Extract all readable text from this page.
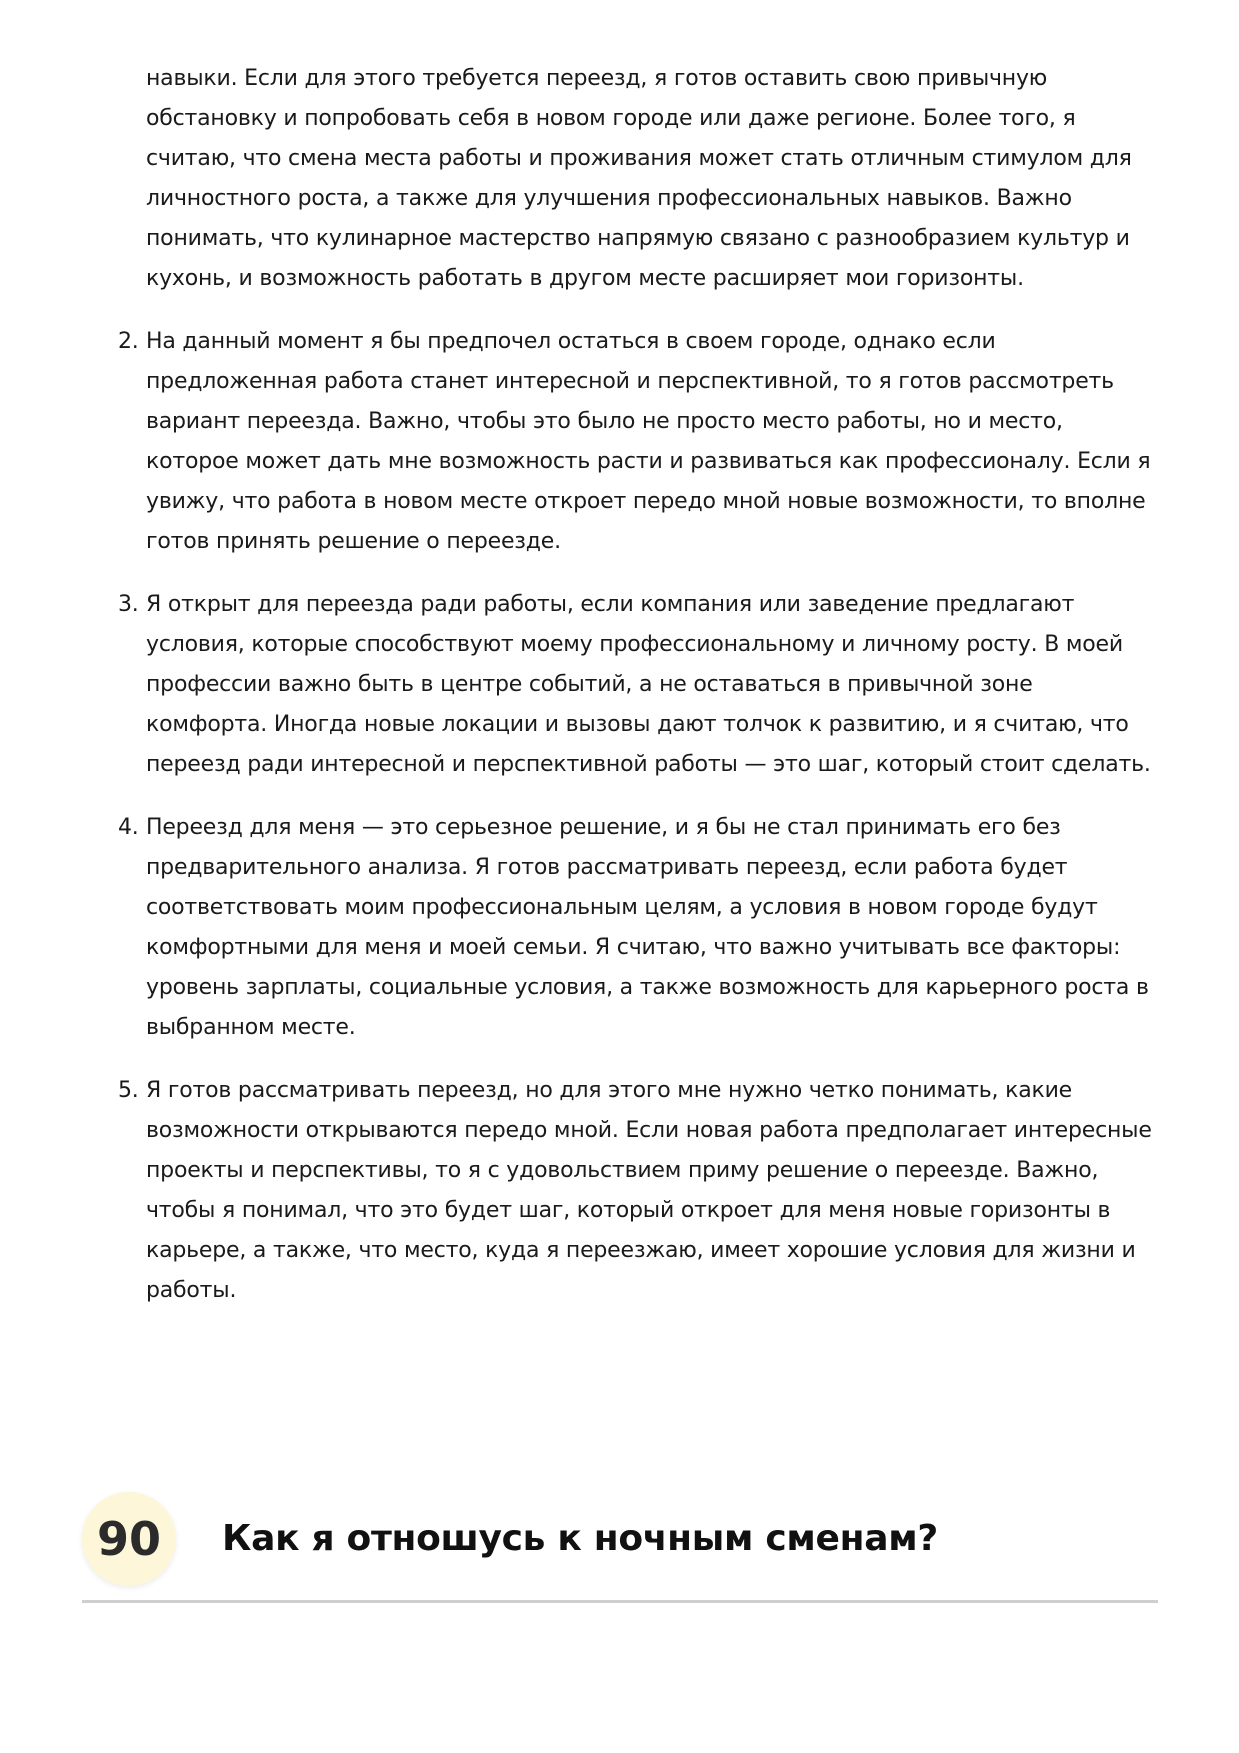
навыки. Если для этого требуется переезд, я готов оставить свою привычную
обстановку и попробовать себя в новом городе или даже регионе. Более того, я
считаю, что смена места работы и проживания может стать отличным стимулом для
личностного роста, а также для улучшения профессиональных навыков. Важно
понимать, что кулинарное мастерство напрямую связано с разнообразием культур и
кухонь, и возможность работать в другом месте расширяет мои горизонты.
2. На данный момент я бы предпочел остаться в своем городе, однако если
предложенная работа станет интересной и перспективной, то я готов рассмотреть
вариант переезда. Важно, чтобы это было не просто место работы, но и место,
которое может дать мне возможность расти и развиваться как профессионалу. Если я
увижу, что работа в новом месте откроет передо мной новые возможности, то вполне
готов принять решение о переезде.
3. Я открыт для переезда ради работы, если компания или заведение предлагают
условия, которые способствуют моему профессиональному и личному росту. В моей
профессии важно быть в центре событий, а не оставаться в привычной зоне
комфорта. Иногда новые локации и вызовы дают толчок к развитию, и я считаю, что
переезд ради интересной и перспективной работы — это шаг, который стоит сделать.
4. Переезд для меня — это серьезное решение, и я бы не стал принимать его без
предварительного анализа. Я готов рассматривать переезд, если работа будет
соответствовать моим профессиональным целям, а условия в новом городе будут
комфортными для меня и моей семьи. Я считаю, что важно учитывать все факторы:
уровень зарплаты, социальные условия, а также возможность для карьерного роста в
выбранном месте.
5. Я готов рассматривать переезд, но для этого мне нужно четко понимать, какие
возможности открываются передо мной. Если новая работа предполагает интересные
проекты и перспективы, то я с удовольствием приму решение о переезде. Важно,
чтобы я понимал, что это будет шаг, который откроет для меня новые горизонты в
карьере, а также, что место, куда я переезжаю, имеет хорошие условия для жизни и
работы.
90	Как я отношусь к ночным сменам?
